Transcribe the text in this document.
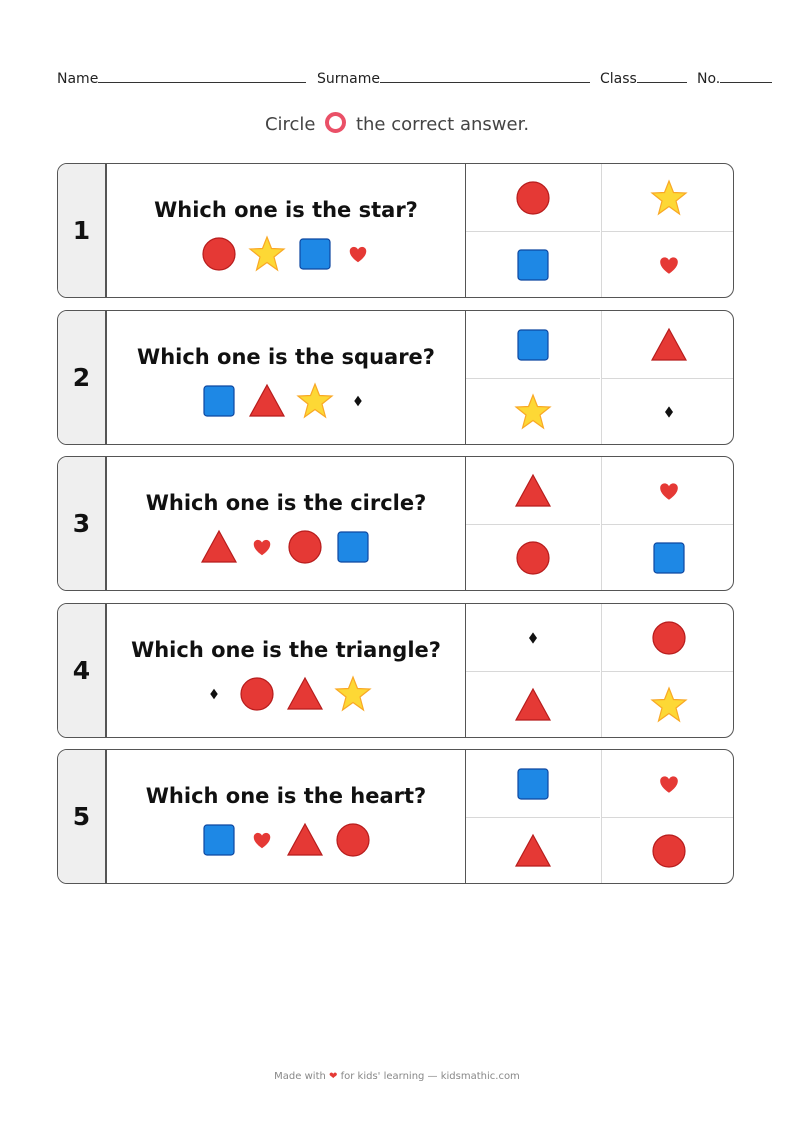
Name	Surname	Class	No.
Circle the correct answer.
1
Which one is the star?
2
Which one is the square?
3
Which one is the circle?
4
Which one is the triangle?
5
Which one is the heart?
Made with ❤ for kids' learning — kidsmathic.com
